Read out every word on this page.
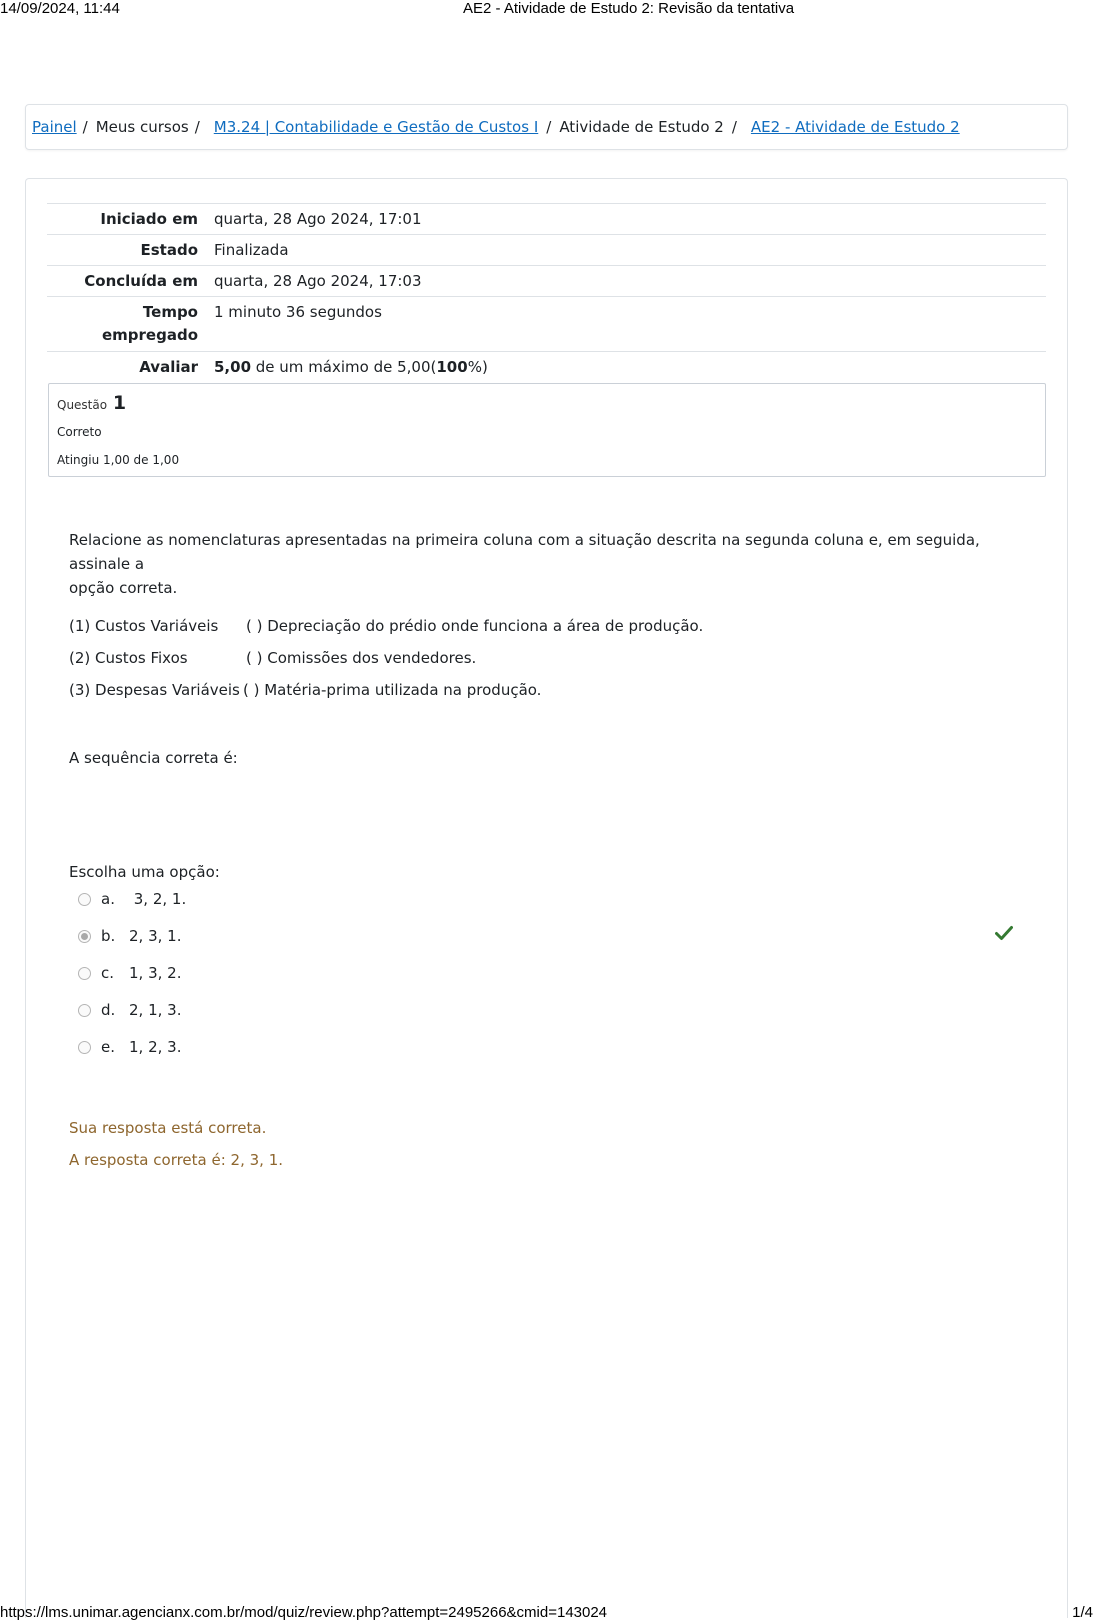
14/09/2024, 11:44	AE2 - Atividade de Estudo 2: Revisão da tentativa
Painel / Meus cursos / M3.24 | Contabilidade e Gestão de Custos I / Atividade de Estudo 2 / AE2 - Atividade de Estudo 2
Iniciado em	quarta, 28 Ago 2024, 17:01
Estado	Finalizada
Concluída em	quarta, 28 Ago 2024, 17:03
Tempo
empregado	1 minuto 36 segundos
Avaliar	5,00 de um máximo de 5,00(100%)
Questão 1
Correto
Atingiu 1,00 de 1,00
Relacione as nomenclaturas apresentadas na primeira coluna com a situação descrita na segunda coluna e, em seguida, assinale a
opção correta.
(1) Custos Variáveis ( ) Depreciação do prédio onde funciona a área de produção.
(2) Custos Fixos	( ) Comissões dos vendedores.
(3) Despesas Variáveis ( ) Matéria-prima utilizada na produção.
A sequência correta é:
Escolha uma opção:
a. 3, 2, 1.
b. 2, 3, 1.
c. 1, 3, 2.
d. 2, 1, 3.
e. 1, 2, 3.
Sua resposta está correta.
A resposta correta é: 2, 3, 1.
https://lms.unimar.agencianx.com.br/mod/quiz/review.php?attempt=2495266&cmid=143024	1/4
